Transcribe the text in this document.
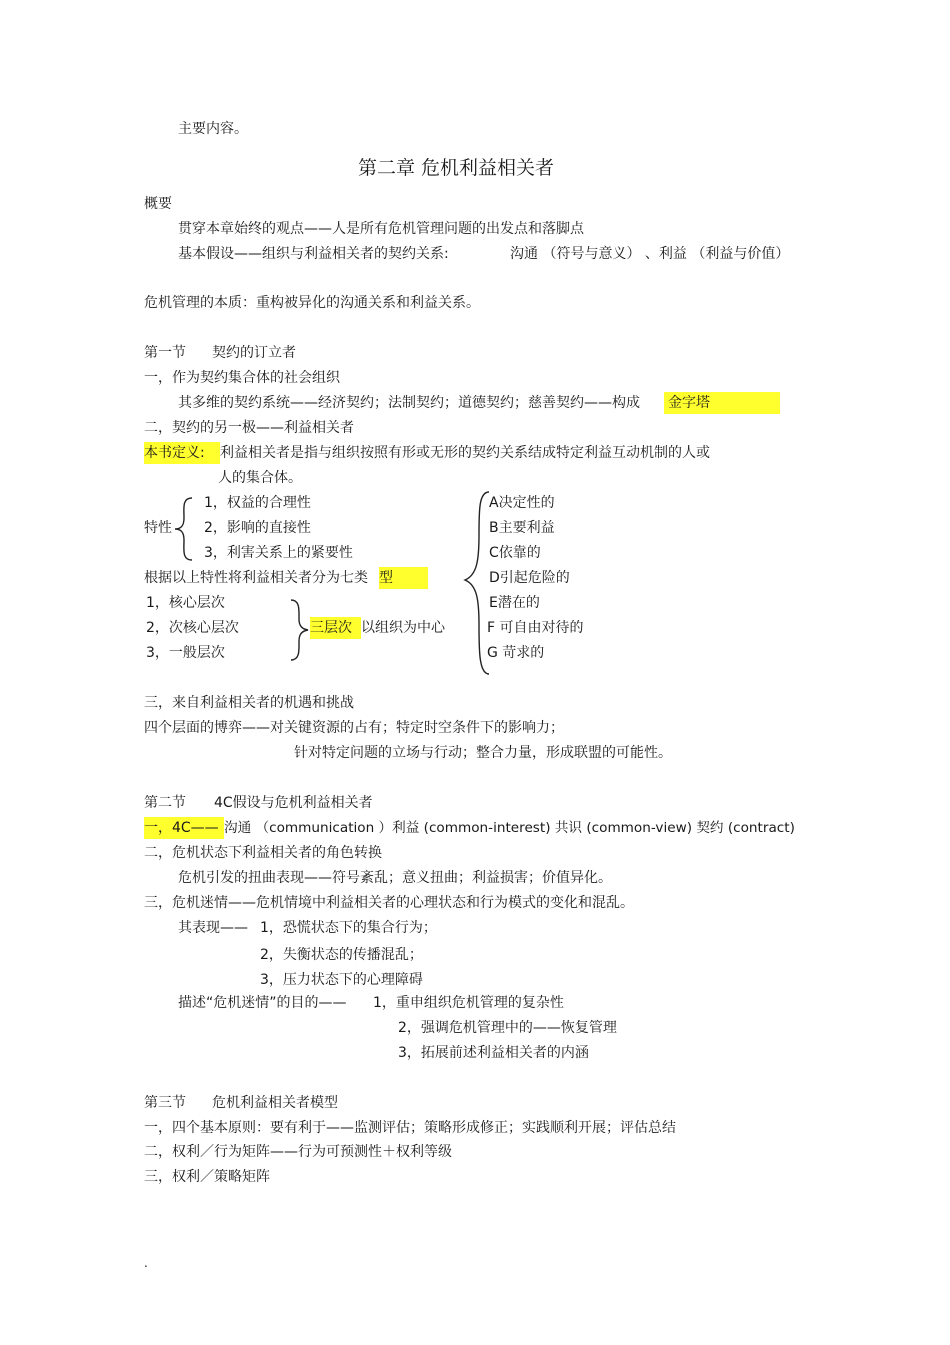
主要内容。
第二章 危机利益相关者
概要
贯穿本章始终的观点——人是所有危机管理问题的出发点和落脚点
基本假设——组织与利益相关者的契约关系:	沟通 （符号与意义） 、利益 （利益与价值）
危机管理的本质：重构被异化的沟通关系和利益关系。
第一节 契约的订立者
一，作为契约集合体的社会组织
其多维的契约系统——经济契约；法制契约；道德契约；慈善契约——构成 金字塔
二，契约的另一极——利益相关者
本书定义:	利益相关者是指与组织按照有形或无形的契约关系结成特定利益互动机制的人或
人的集合体。
特性
1，权益的合理性
2，影响的直接性
3，利害关系上的紧要性
根据以上特性将利益相关者分为七类 型
1，核心层次
2，次核心层次
3，一般层次
三层次 以组织为中心
A决定性的
B主要利益
C依靠的
D引起危险的
E潜在的
F 可自由对待的
G 苛求的
三，来自利益相关者的机遇和挑战
四个层面的博弈——对关键资源的占有；特定时空条件下的影响力；
针对特定问题的立场与行动；整合力量，形成联盟的可能性。
第二节 4C假设与危机利益相关者
一，4C—— 沟通 （communication ）利益 (common-interest) 共识 (common-view) 契约 (contract)
二，危机状态下利益相关者的角色转换
危机引发的扭曲表现——符号紊乱；意义扭曲；利益损害；价值异化。
三，危机迷情——危机情境中利益相关者的心理状态和行为模式的变化和混乱。
其表现—— 1，恐慌状态下的集合行为；
2，失衡状态的传播混乱；
3，压力状态下的心理障碍
描述“危机迷情”的目的—— 1，重申组织危机管理的复杂性
2，强调危机管理中的——恢复管理
3，拓展前述利益相关者的内涵
第三节 危机利益相关者模型
一，四个基本原则：要有利于——监测评估；策略形成修正；实践顺利开展；评估总结
二，权利／行为矩阵——行为可预测性＋权利等级
三，权利／策略矩阵
.
